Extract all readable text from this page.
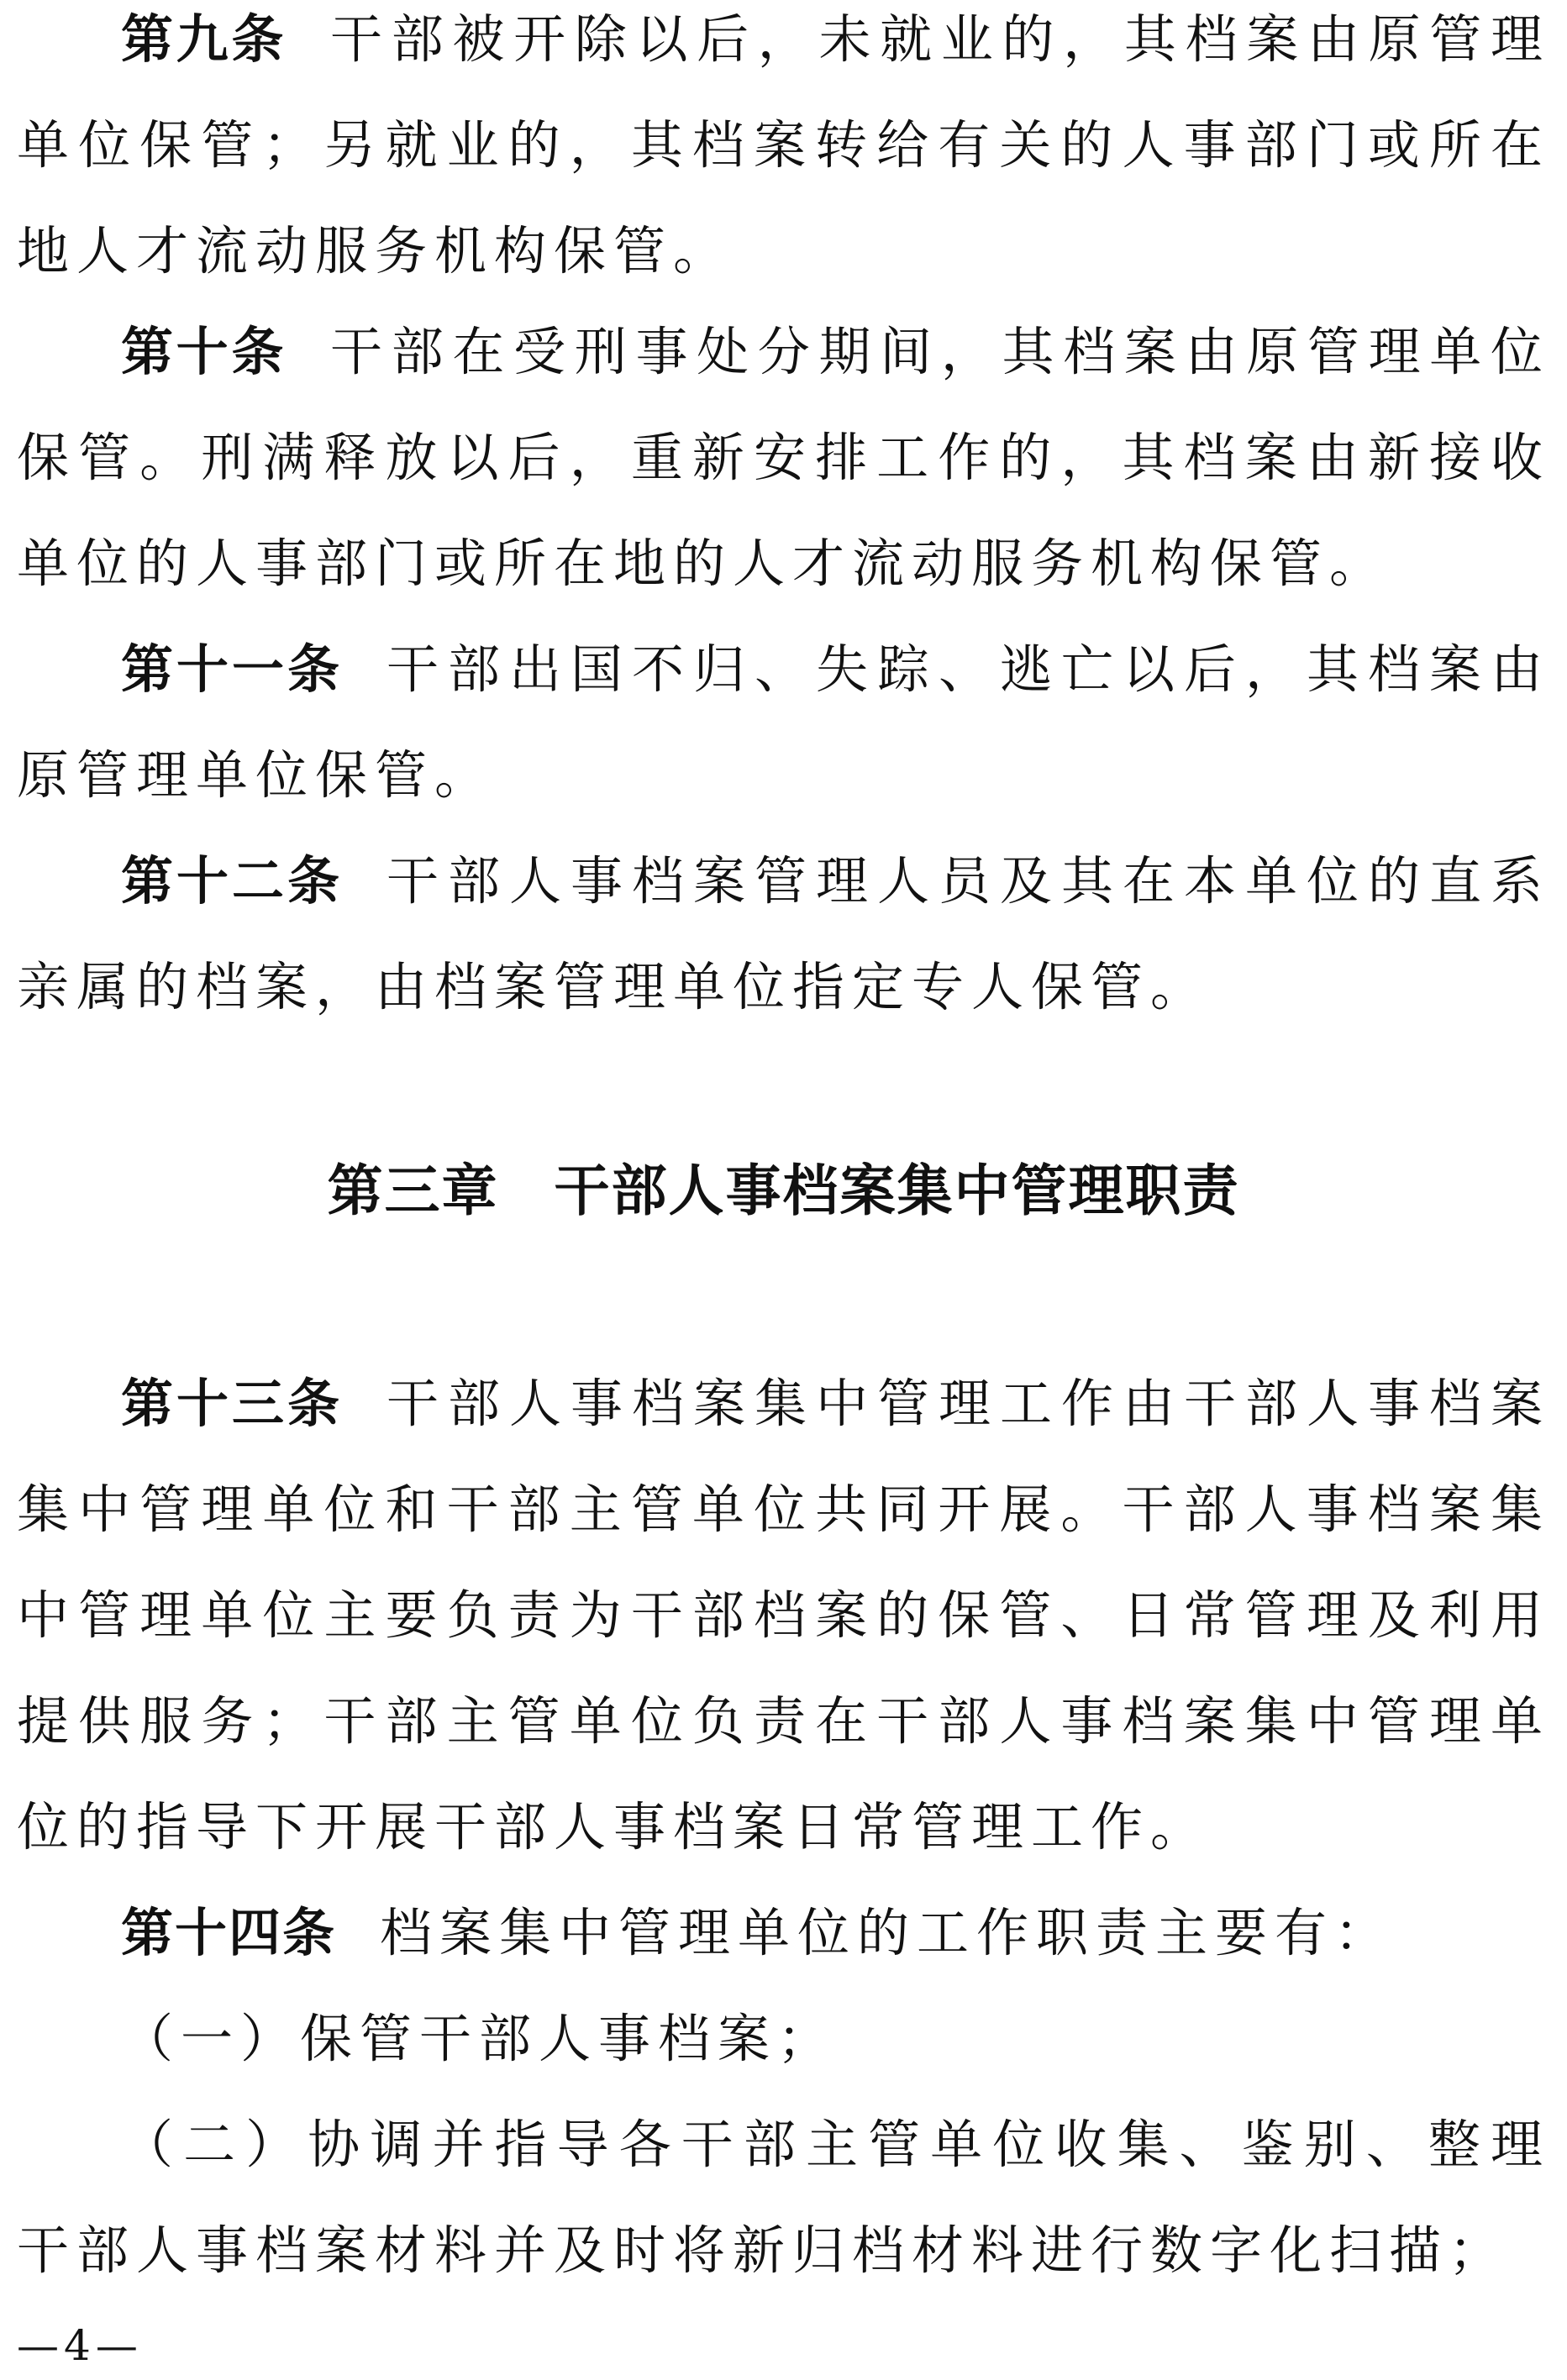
第九条 干部被开除以后，未就业的，其档案由原管理单位保管；另就业的，其档案转给有关的人事部门或所在地人才流动服务机构保管。

第十条 干部在受刑事处分期间，其档案由原管理单位保管。刑满释放以后，重新安排工作的，其档案由新接收单位的人事部门或所在地的人才流动服务机构保管。

第十一条 干部出国不归、失踪、逃亡以后，其档案由原管理单位保管。

第十二条 干部人事档案管理人员及其在本单位的直系亲属的档案，由档案管理单位指定专人保管。

第三章 干部人事档案集中管理职责

第十三条 干部人事档案集中管理工作由干部人事档案集中管理单位和干部主管单位共同开展。干部人事档案集中管理单位主要负责为干部档案的保管、日常管理及利用提供服务；干部主管单位负责在干部人事档案集中管理单位的指导下开展干部人事档案日常管理工作。

第十四条 档案集中管理单位的工作职责主要有：

（一）保管干部人事档案；

（二）协调并指导各干部主管单位收集、鉴别、整理干部人事档案材料并及时将新归档材料进行数字化扫描；

— 4 —
